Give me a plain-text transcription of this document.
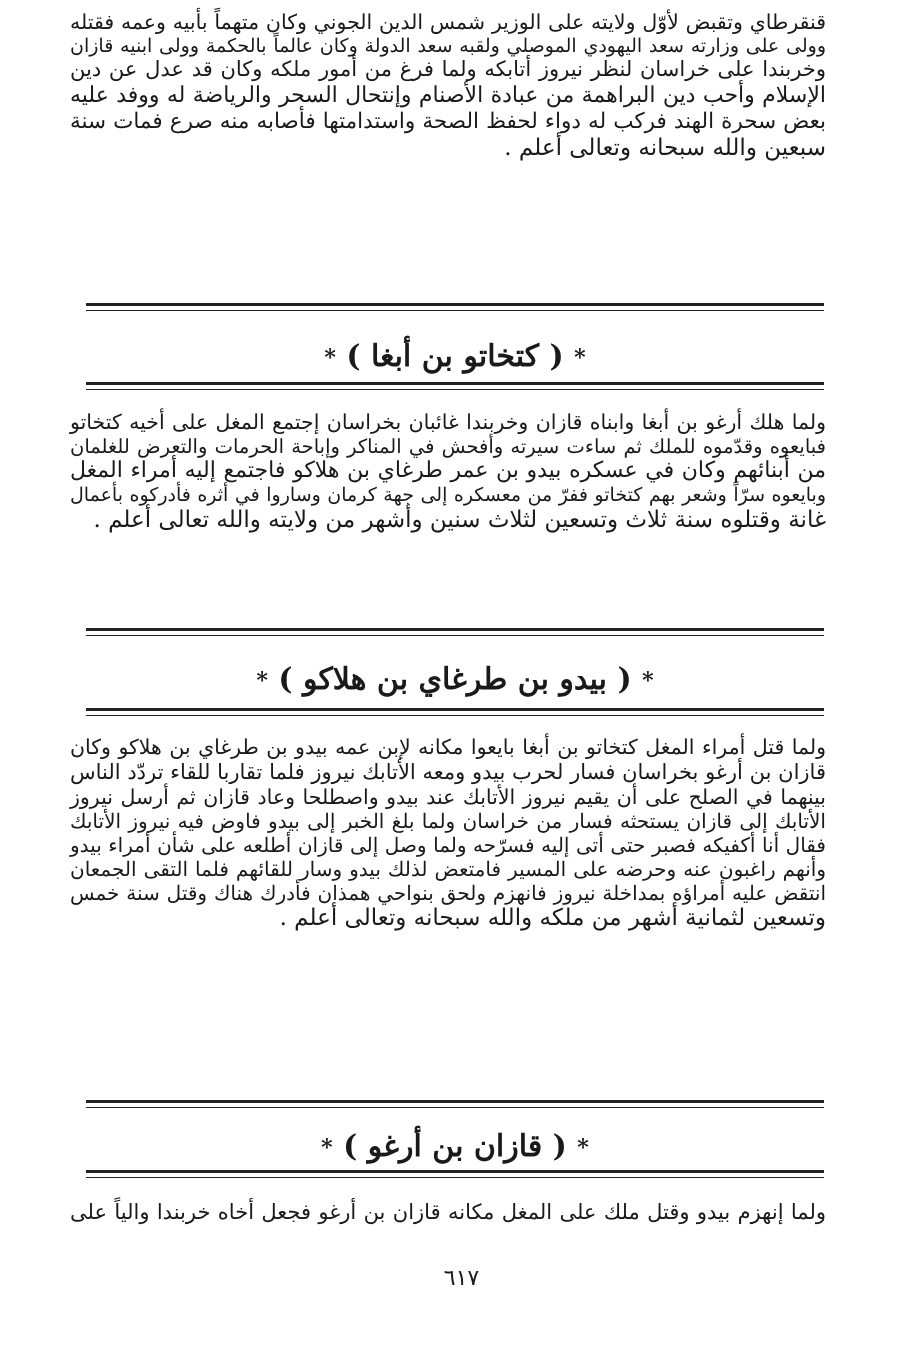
قنقرطاي وتقبض لأوّل ولايته على الوزير شمس الدين الجوني وكان متهماً بأبيه وعمه فقتله
وولى على وزارته سعد اليهودي الموصلي ولقبه سعد الدولة وكان عالماً بالحكمة وولى ابنيه قازان
وخربندا على خراسان لنظر نيروز أتابكه ولما فرغ من أمور ملكه وكان قد عدل عن دين
الإسلام وأحب دين البراهمة من عبادة الأصنام وإنتحال السحر والرياضة له ووفد عليه
بعض سحرة الهند فركب له دواء لحفظ الصحة واستدامتها فأصابه منه صرع فمات سنة
سبعين والله سبحانه وتعالى أعلم .
* ( كتخاتو بن أبغا ) *
ولما هلك أرغو بن أبغا وابناه قازان وخربندا غائبان بخراسان إجتمع المغل على أخيه كتخاتو
فبايعوه وقدّموه للملك ثم ساءت سيرته وأفحش في المناكر وإباحة الحرمات والتعرض للغلمان
من أبنائهم وكان في عسكره بيدو بن عمر طرغاي بن هلاكو فاجتمع إليه أمراء المغل
وبايعوه سرّاً وشعر بهم كتخاتو ففرّ من معسكره إلى جهة كرمان وساروا في أثره فأدركوه بأعمال
غانة وقتلوه سنة ثلاث وتسعين لثلاث سنين وأشهر من ولايته والله تعالى أعلم .
* ( بيدو بن طرغاي بن هلاكو ) *
ولما قتل أمراء المغل كتخاتو بن أبغا بايعوا مكانه لإبن عمه بيدو بن طرغاي بن هلاكو وكان
قازان بن أرغو بخراسان فسار لحرب بيدو ومعه الأتابك نيروز فلما تقاربا للقاء تردّد الناس
بينهما في الصلح على أن يقيم نيروز الأتابك عند بيدو واصطلحا وعاد قازان ثم أرسل نيروز
الأتابك إلى قازان يستحثه فسار من خراسان ولما بلغ الخبر إلى بيدو فاوض فيه نيروز الأتابك
فقال أنا أكفيكه فصبر حتى أتى إليه فسرّحه ولما وصل إلى قازان أطلعه على شأن أمراء بيدو
وأنهم راغبون عنه وحرضه على المسير فامتعض لذلك بيدو وسار للقائهم فلما التقى الجمعان
انتقض عليه أمراؤه بمداخلة نيروز فانهزم ولحق بنواحي همذان فأدرك هناك وقتل سنة خمس
وتسعين لثمانية أشهر من ملكه والله سبحانه وتعالى أعلم .
* ( قازان بن أرغو ) *
ولما إنهزم بيدو وقتل ملك على المغل مكانه قازان بن أرغو فجعل أخاه خربندا والياً على
٦١٧
